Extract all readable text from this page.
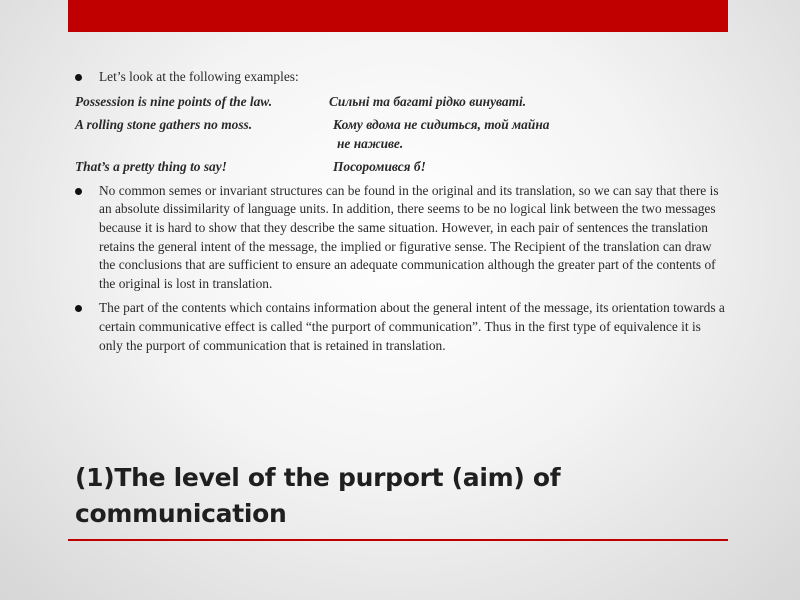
Let’s look at the following examples:
Possession is nine points of the law.	Сильні та багаті рідко винуваті.
A rolling stone gathers no moss.	Кому вдома не сидиться, той майна
не наживе.
That’s a pretty thing to say!	Посоромився б!
No common semes or invariant structures can be found in the original and its translation, so we can say that there is an absolute dissimilarity of language units. In addition, there seems to be no logical link between the two messages because it is hard to show that they describe the same situation. However, in each pair of sentences the translation retains the general intent of the message, the implied or figurative sense. The Recipient of the translation can draw the conclusions that are sufficient to ensure an adequate communication although the greater part of the contents of the original is lost in translation.
The part of the contents which contains information about the general intent of the message, its orientation towards a certain communicative effect is called “the purport of communication”. Thus in the first type of equivalence it is only the purport of communication that is retained in translation.
(1)The level of the purport (aim) of communication
